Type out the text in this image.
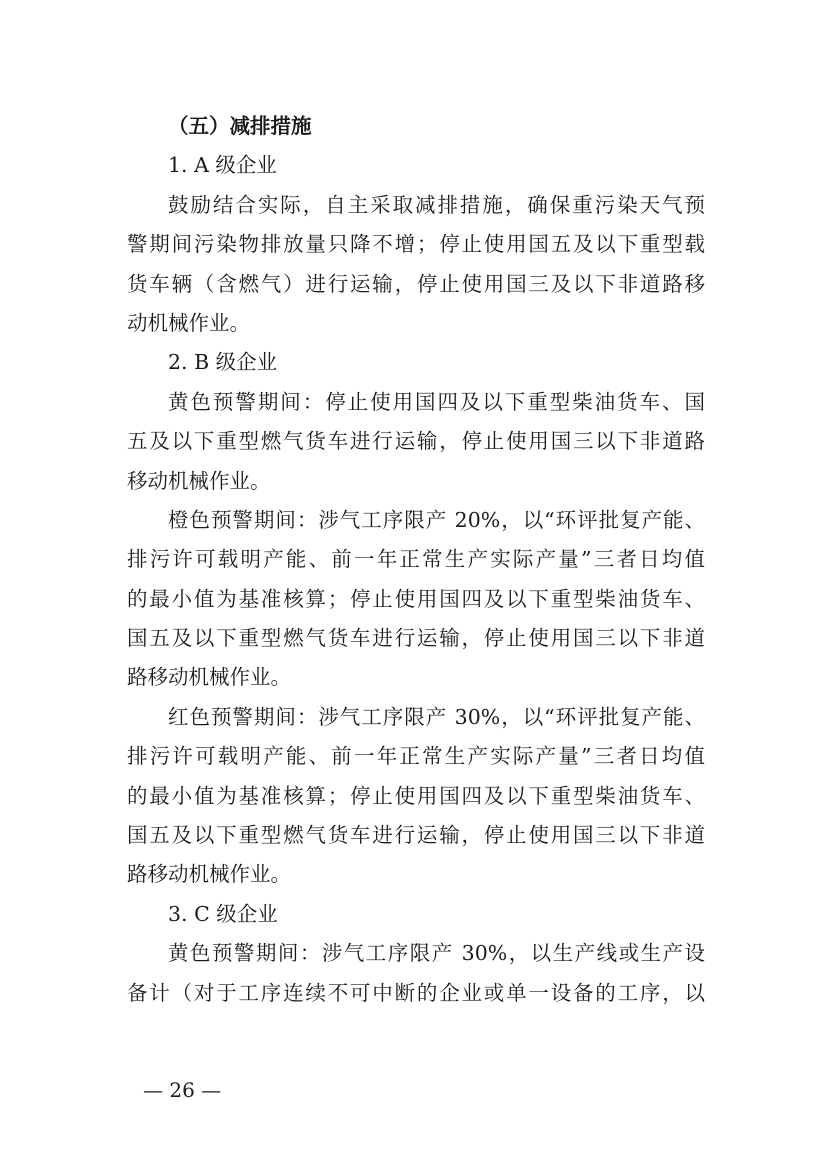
（五）减排措施
1. A 级企业
鼓励结合实际，自主采取减排措施，确保重污染天气预
警期间污染物排放量只降不增；停止使用国五及以下重型载
货车辆（含燃气）进行运输，停止使用国三及以下非道路移
动机械作业。
2. B 级企业
黄色预警期间：停止使用国四及以下重型柴油货车、国
五及以下重型燃气货车进行运输，停止使用国三以下非道路
移动机械作业。
橙色预警期间：涉气工序限产 20%，以“环评批复产能、
排污许可载明产能、前一年正常生产实际产量”三者日均值
的最小值为基准核算；停止使用国四及以下重型柴油货车、
国五及以下重型燃气货车进行运输，停止使用国三以下非道
路移动机械作业。
红色预警期间：涉气工序限产 30%，以“环评批复产能、
排污许可载明产能、前一年正常生产实际产量”三者日均值
的最小值为基准核算；停止使用国四及以下重型柴油货车、
国五及以下重型燃气货车进行运输，停止使用国三以下非道
路移动机械作业。
3. C 级企业
黄色预警期间：涉气工序限产 30%，以生产线或生产设
备计（对于工序连续不可中断的企业或单一设备的工序，以
— 26 —
